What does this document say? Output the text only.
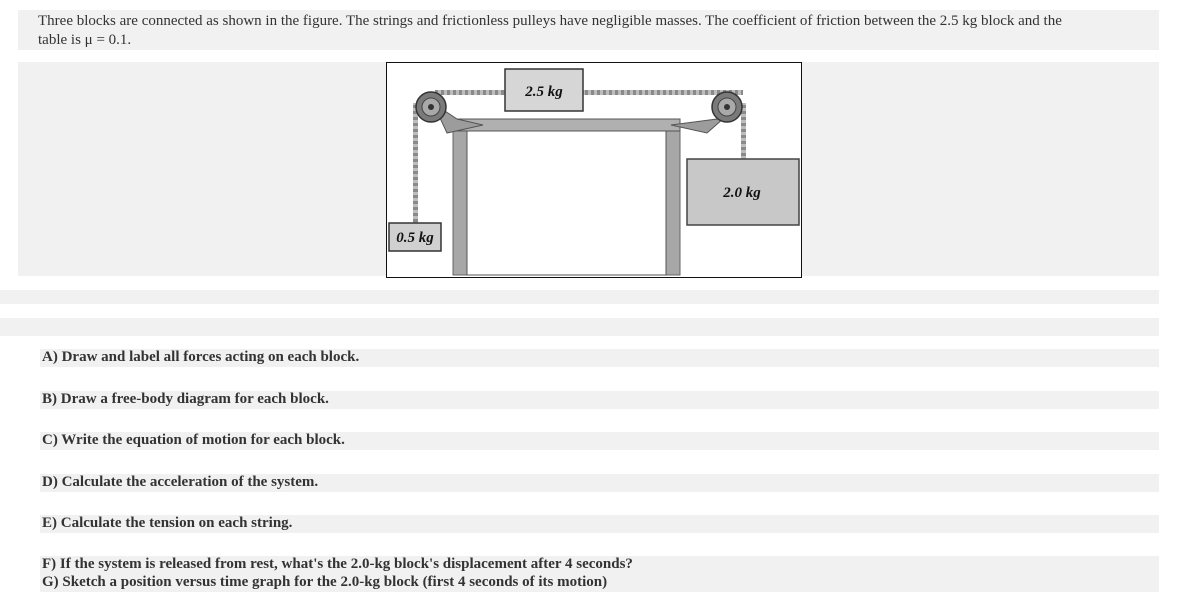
Three blocks are connected as shown in the figure. The strings and frictionless pulleys have negligible masses. The coefficient of friction between the 2.5 kg block and the
table is μ = 0.1.
2.5 kg
2.0 kg
0.5 kg
A) Draw and label all forces acting on each block.
B) Draw a free-body diagram for each block.
C) Write the equation of motion for each block.
D) Calculate the acceleration of the system.
E) Calculate the tension on each string.
F) If the system is released from rest, what's the 2.0-kg block's displacement after 4 seconds?
G) Sketch a position versus time graph for the 2.0-kg block (first 4 seconds of its motion)
